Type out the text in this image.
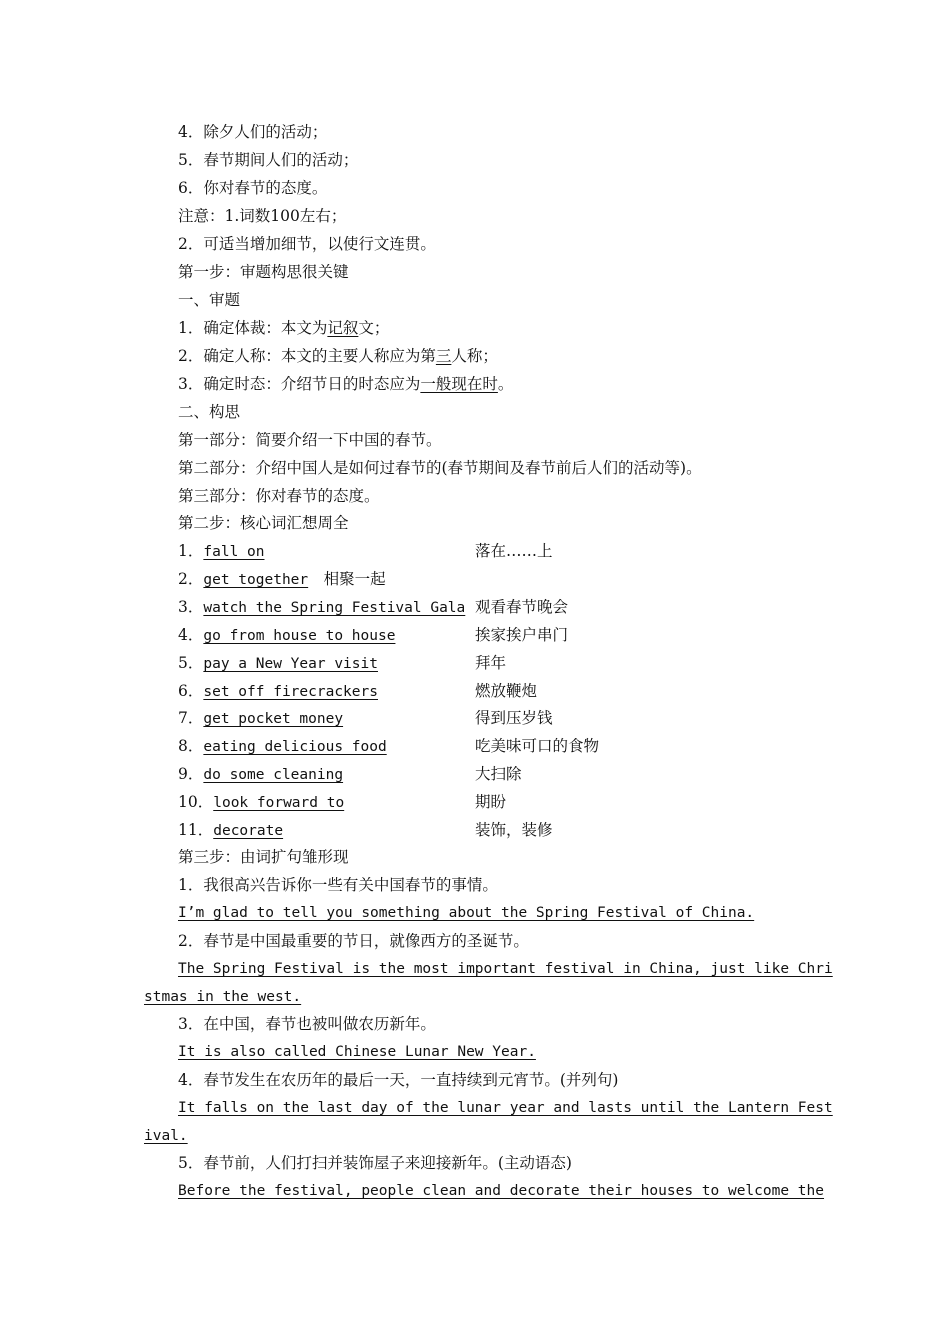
4．除夕人们的活动；
5．春节期间人们的活动；
6．你对春节的态度。
注意：1.词数100左右；
2．可适当增加细节，以使行文连贯。
第一步：审题构思很关键
一、审题
1．确定体裁：本文为记叙文；
2．确定人称：本文的主要人称应为第三人称；
3．确定时态：介绍节日的时态应为一般现在时。
二、构思
第一部分：简要介绍一下中国的春节。
第二部分：介绍中国人是如何过春节的(春节期间及春节前后人们的活动等)。
第三部分：你对春节的态度。
第二步：核心词汇想周全
1．fall on	落在……上
2．get together　 相聚一起
3．watch the Spring Festival Gala 观看春节晚会
4．go from house to house	挨家挨户串门
5．pay a New Year visit	拜年
6．set off firecrackers	燃放鞭炮
7．get pocket money	得到压岁钱
8．eating delicious food	吃美味可口的食物
9．do some cleaning	大扫除
10．look forward to	期盼
11．decorate	装饰，装修
第三步：由词扩句雏形现
1．我很高兴告诉你一些有关中国春节的事情。
I’m glad to tell you something about the Spring Festival of China.
2．春节是中国最重要的节日，就像西方的圣诞节。
The Spring Festival is the most important festival in China, just like Chri
stmas in the west.
3．在中国，春节也被叫做农历新年。
It is also called Chinese Lunar New Year.
4．春节发生在农历年的最后一天，一直持续到元宵节。(并列句)
It falls on the last day of the lunar year and lasts until the Lantern Fest
ival.
5．春节前，人们打扫并装饰屋子来迎接新年。(主动语态)
Before the festival, people clean and decorate their houses to welcome the
